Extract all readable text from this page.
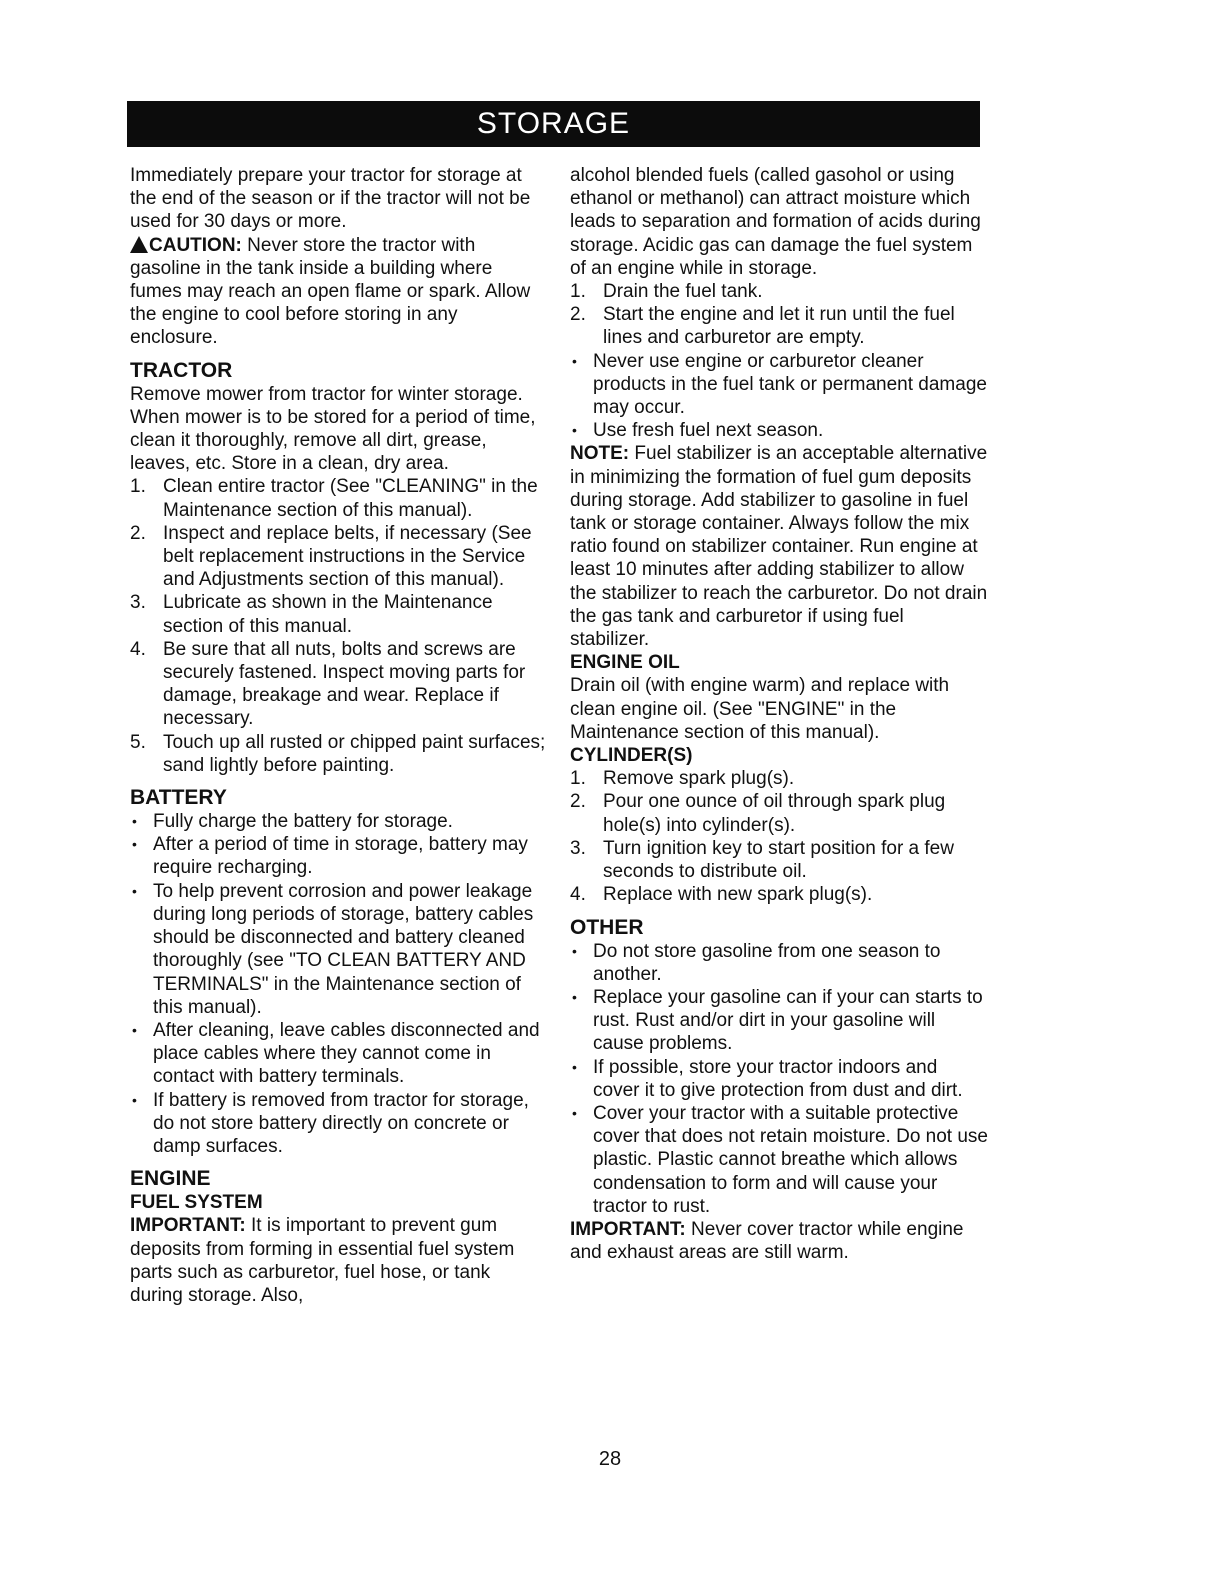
STORAGE

Immediately prepare your tractor for storage at the end of the season or if the tractor will not be used for 30 days or more.

CAUTION: Never store the tractor with gasoline in the tank inside a building where fumes may reach an open flame or spark. Allow the engine to cool before storing in any enclosure.

TRACTOR

Remove mower from tractor for winter storage. When mower is to be stored for a period of time, clean it thoroughly, remove all dirt, grease, leaves, etc. Store in a clean, dry area.

1. Clean entire tractor (See "CLEANING" in the Maintenance section of this manual).
2. Inspect and replace belts, if necessary (See belt replacement instructions in the Service and Adjustments section of this manual).
3. Lubricate as shown in the Maintenance section of this manual.
4. Be sure that all nuts, bolts and screws are securely fastened. Inspect moving parts for damage, breakage and wear. Replace if necessary.
5. Touch up all rusted or chipped paint surfaces; sand lightly before painting.

BATTERY

• Fully charge the battery for storage.
• After a period of time in storage, battery may require recharging.
• To help prevent corrosion and power leakage during long periods of storage, battery cables should be disconnected and battery cleaned thoroughly (see "TO CLEAN BATTERY AND TERMINALS" in the Maintenance section of this manual).
• After cleaning, leave cables disconnected and place cables where they cannot come in contact with battery terminals.
• If battery is removed from tractor for storage, do not store battery directly on concrete or damp surfaces.

ENGINE

FUEL SYSTEM

IMPORTANT: It is important to prevent gum deposits from forming in essential fuel system parts such as carburetor, fuel hose, or tank during storage. Also,

alcohol blended fuels (called gasohol or using ethanol or methanol) can attract moisture which leads to separation and formation of acids during storage. Acidic gas can damage the fuel system of an engine while in storage.

1. Drain the fuel tank.
2. Start the engine and let it run until the fuel lines and carburetor are empty.
• Never use engine or carburetor cleaner products in the fuel tank or permanent damage may occur.
• Use fresh fuel next season.

NOTE: Fuel stabilizer is an acceptable alternative in minimizing the formation of fuel gum deposits during storage. Add stabilizer to gasoline in fuel tank or storage container. Always follow the mix ratio found on stabilizer container. Run engine at least 10 minutes after adding stabilizer to allow the stabilizer to reach the carburetor. Do not drain the gas tank and carburetor if using fuel stabilizer.

ENGINE OIL

Drain oil (with engine warm) and replace with clean engine oil. (See "ENGINE" in the Maintenance section of this manual).

CYLINDER(S)

1. Remove spark plug(s).
2. Pour one ounce of oil through spark plug hole(s) into cylinder(s).
3. Turn ignition key to start position for a few seconds to distribute oil.
4. Replace with new spark plug(s).

OTHER

• Do not store gasoline from one season to another.
• Replace your gasoline can if your can starts to rust. Rust and/or dirt in your gasoline will cause problems.
• If possible, store your tractor indoors and cover it to give protection from dust and dirt.
• Cover your tractor with a suitable protective cover that does not retain moisture. Do not use plastic. Plastic cannot breathe which allows condensation to form and will cause your tractor to rust.

IMPORTANT: Never cover tractor while engine and exhaust areas are still warm.

28
